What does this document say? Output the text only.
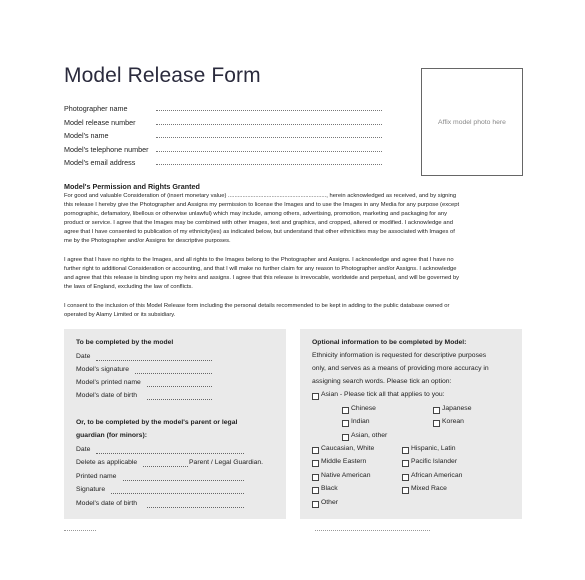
Model Release Form
Photographer name
Model release number
Model's name
Model's telephone number
Model's email address
Affix model photo here
Model's Permission and Rights Granted
For good and valuable Consideration of (insert monetary value) ............................................................., herein acknowledged as received, and by signing
this release I hereby give the Photographer and Assigns my permission to license the Images and to use the Images in any Media for any purpose (except
pornographic, defamatory, libellous or otherwise unlawful) which may include, among others, advertising, promotion, marketing and packaging for any
product or service. I agree that the Images may be combined with other images, text and graphics, and cropped, altered or modified. I acknowledge and
agree that I have consented to publication of my ethnicity(ies) as indicated below, but understand that other ethnicities may be associated with Images of
me by the Photographer and/or Assigns for descriptive purposes.
I agree that I have no rights to the Images, and all rights to the Images belong to the Photographer and Assigns. I acknowledge and agree that I have no
further right to additional Consideration or accounting, and that I will make no further claim for any reason to Photographer and/or Assigns. I acknowledge
and agree that this release is binding upon my heirs and assigns. I agree that this release is irrevocable, worldwide and perpetual, and will be governed by
the laws of England, excluding the law of conflicts.
I consent to the inclusion of this Model Release form including the personal details recommended to be kept in adding to the public database owned or
operated by Alamy Limited or its subsidiary.
To be completed by the model
Date
Model's signature
Model's printed name
Model's date of birth
Or, to be completed by the model's parent or legal
guardian (for minors):
Date
Delete as applicable	Parent / Legal Guardian.
Printed name
Signature
Model's date of birth
Optional information to be completed by Model:
Ethnicity information is requested for descriptive purposes
only, and serves as a means of providing more accuracy in
assigning search words. Please tick an option:
Asian - Please tick all that applies to you:
Chinese	Japanese
Indian	Korean
Asian, other
Caucasian, White	Hispanic, Latin
Middle Eastern	Pacific Islander
Native American	African American
Black	Mixed Race
Other
